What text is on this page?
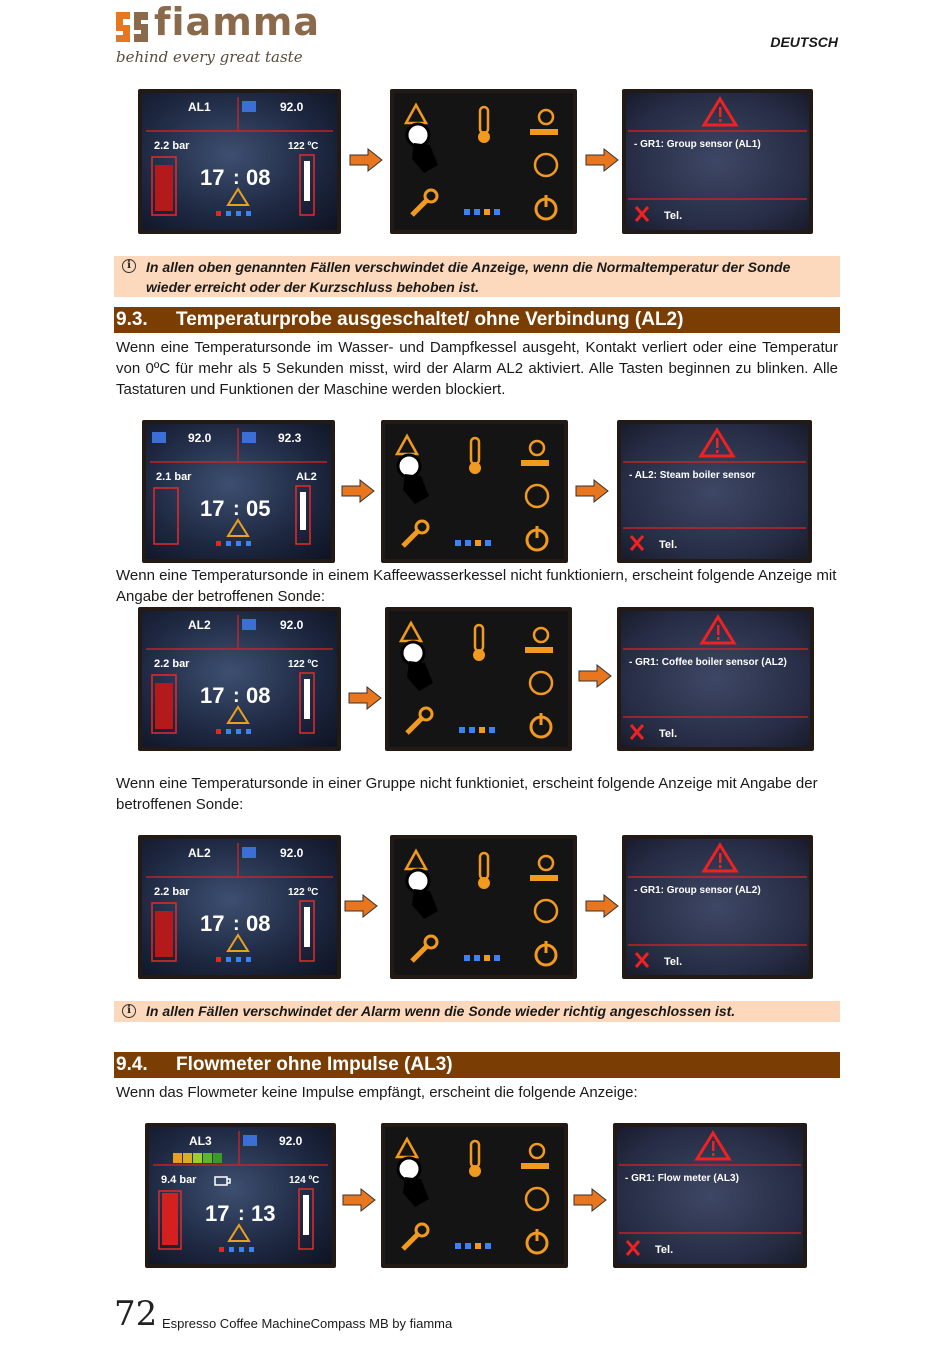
fiamma
behind every great taste
DEUTSCH
AL1	92.0
2.2 bar	122 ºC
17 : 08
- GR1: Group sensor (AL1)
Tel.
i	In allen oben genannten Fällen verschwindet die Anzeige, wenn die Normaltemperatur der Sonde wieder erreicht oder der Kurzschluss behoben ist.
9.3. Temperaturprobe ausgeschaltet/ ohne Verbindung (AL2)
Wenn eine Temperatursonde im Wasser- und Dampfkessel ausgeht, Kontakt verliert oder eine Temperatur von 0ºC für mehr als 5 Sekunden misst, wird der Alarm AL2 aktiviert. Alle Tasten beginnen zu blinken. Alle Tastaturen und Funktionen der Maschine werden blockiert.
92.0	92.3
2.1 bar	AL2
17 : 05
- AL2: Steam boiler sensor
Tel.
Wenn eine Temperatursonde in einem Kaffeewasserkessel nicht funktioniern, erscheint folgende Anzeige mit Angabe der betroffenen Sonde:
AL2	92.0
2.2 bar	122 ºC
17 : 08
- GR1: Coffee boiler sensor (AL2)
Tel.
Wenn eine Temperatursonde in einer Gruppe nicht funktioniet, erscheint folgende Anzeige mit Angabe der betroffenen Sonde:
AL2	92.0
2.2 bar	122 ºC
17 : 08
- GR1: Group sensor (AL2)
Tel.
i	In allen Fällen verschwindet der Alarm wenn die Sonde wieder richtig angeschlossen ist.
9.4. Flowmeter ohne Impulse (AL3)
Wenn das Flowmeter keine Impulse empfängt, erscheint die folgende Anzeige:
AL3	92.0
9.4 bar	124 ºC
17 : 13
- GR1: Flow meter (AL3)
Tel.
72 Espresso Coffee MachineCompass MB by fiamma
